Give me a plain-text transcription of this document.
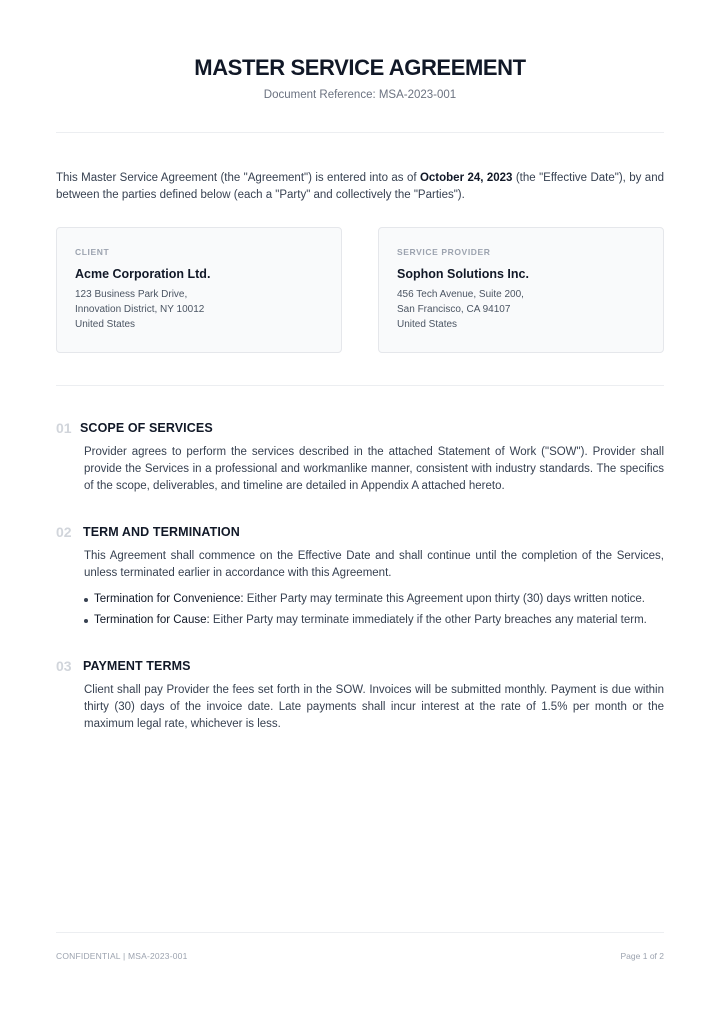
MASTER SERVICE AGREEMENT
Document Reference: MSA-2023-001

This Master Service Agreement (the "Agreement") is entered into as of October 24, 2023 (the "Effective Date"), by and between the parties defined below (each a "Party" and collectively the "Parties").

CLIENT
Acme Corporation Ltd.
123 Business Park Drive,
Innovation District, NY 10012
United States
SERVICE PROVIDER
Sophon Solutions Inc.
456 Tech Avenue, Suite 200,
San Francisco, CA 94107
United States
01 SCOPE OF SERVICES

Provider agrees to perform the services described in the attached Statement of Work ("SOW"). Provider shall provide the Services in a professional and workmanlike manner, consistent with industry standards. The specifics of the scope, deliverables, and timeline are detailed in Appendix A attached hereto.

02 TERM AND TERMINATION

This Agreement shall commence on the Effective Date and shall continue until the completion of the Services, unless terminated earlier in accordance with this Agreement.

Termination for Convenience: Either Party may terminate this Agreement upon thirty (30) days written notice.
Termination for Cause: Either Party may terminate immediately if the other Party breaches any material term.
03 PAYMENT TERMS

Client shall pay Provider the fees set forth in the SOW. Invoices will be submitted monthly. Payment is due within thirty (30) days of the invoice date. Late payments shall incur interest at the rate of 1.5% per month or the maximum legal rate, whichever is less.

CONFIDENTIAL | MSA-2023-001	Page 1 of 2
